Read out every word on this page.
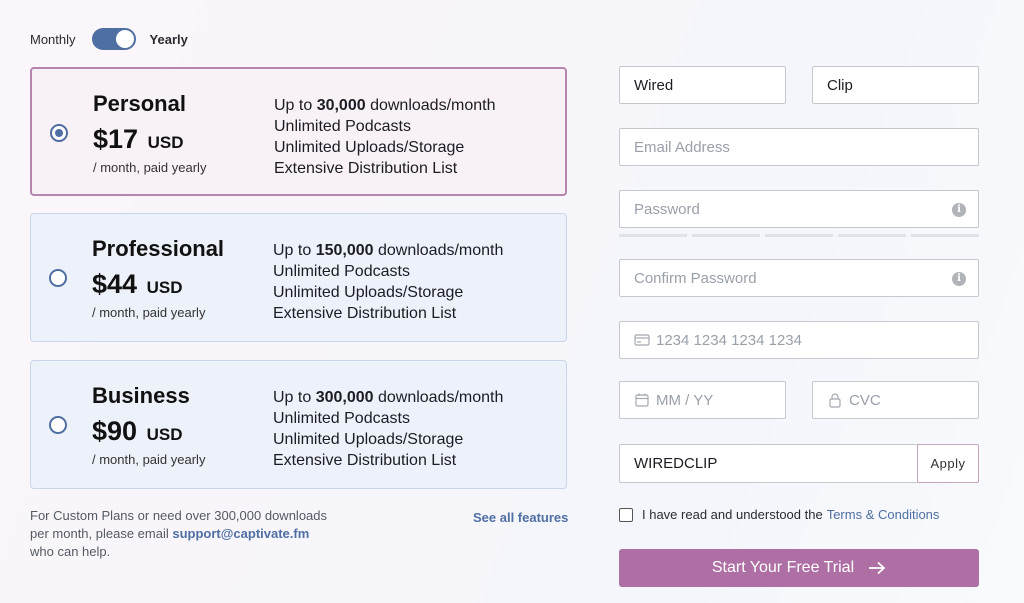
Monthly	Yearly
Personal
$17 USD
/ month, paid yearly
Up to 30,000 downloads/month
Unlimited Podcasts
Unlimited Uploads/Storage
Extensive Distribution List
Professional
$44 USD
/ month, paid yearly
Up to 150,000 downloads/month
Unlimited Podcasts
Unlimited Uploads/Storage
Extensive Distribution List
Business
$90 USD
/ month, paid yearly
Up to 300,000 downloads/month
Unlimited Podcasts
Unlimited Uploads/Storage
Extensive Distribution List
For Custom Plans or need over 300,000 downloads
per month, please email support@captivate.fm
who can help.
See all features
Wired	Clip
Email Address
i
i
1234 1234 1234 1234
MM / YY
CVC
WIREDCLIP	Apply
I have read and understood the Terms & Conditions
Start Your Free Trial
